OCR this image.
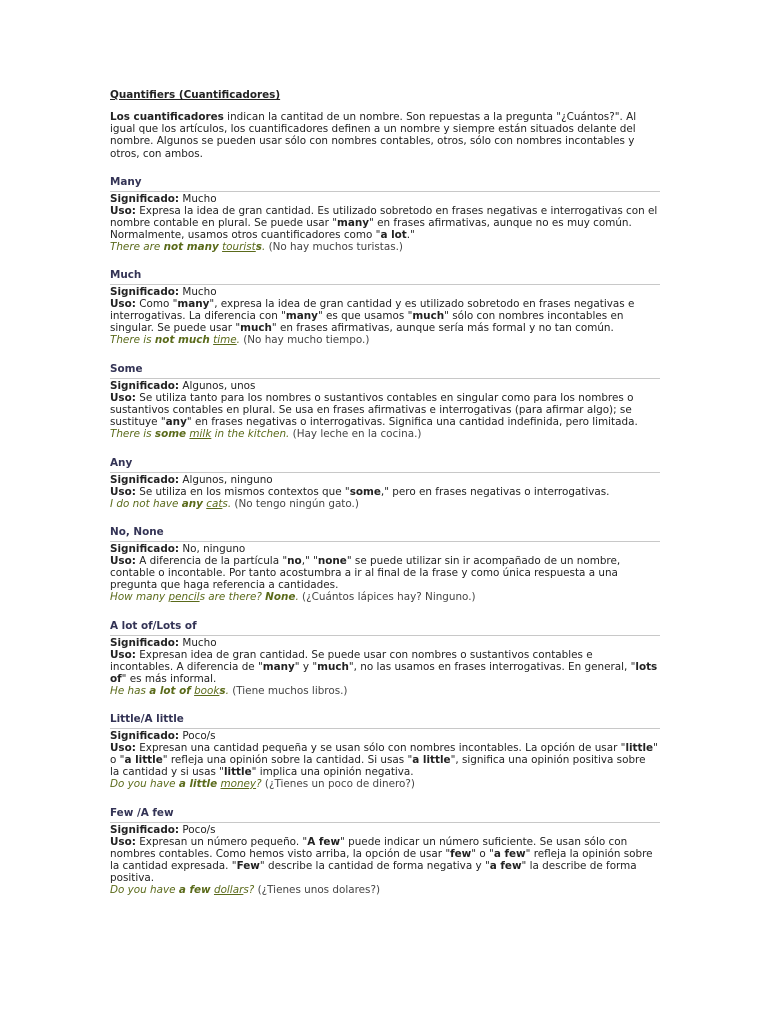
Quantifiers (Cuantificadores)

Los cuantificadores indican la cantitad de un nombre. Son repuestas a la pregunta "¿Cuántos?". Al igual que los artículos, los cuantificadores definen a un nombre y siempre están situados delante del nombre. Algunos se pueden usar sólo con nombres contables, otros, sólo con nombres incontables y otros, con ambos.

Many
Significado: Mucho
Uso: Expresa la idea de gran cantidad. Es utilizado sobretodo en frases negativas e interrogativas con el nombre contable en plural. Se puede usar "many" en frases afirmativas, aunque no es muy común. Normalmente, usamos otros cuantificadores como "a lot."
There are not many tourists. (No hay muchos turistas.)
Much
Significado: Mucho
Uso: Como "many", expresa la idea de gran cantidad y es utilizado sobretodo en frases negativas e interrogativas. La diferencia con "many" es que usamos "much" sólo con nombres incontables en singular. Se puede usar "much" en frases afirmativas, aunque sería más formal y no tan común.
There is not much time. (No hay mucho tiempo.)
Some
Significado: Algunos, unos
Uso: Se utiliza tanto para los nombres o sustantivos contables en singular como para los nombres o sustantivos contables en plural. Se usa en frases afirmativas e interrogativas (para afirmar algo); se sustituye "any" en frases negativas o interrogativas. Significa una cantidad indefinida, pero limitada.
There is some milk in the kitchen. (Hay leche en la cocina.)
Any
Significado: Algunos, ninguno
Uso: Se utiliza en los mismos contextos que "some," pero en frases negativas o interrogativas.
I do not have any cats. (No tengo ningún gato.)
No, None
Significado: No, ninguno
Uso: A diferencia de la partícula "no," "none" se puede utilizar sin ir acompañado de un nombre, contable o incontable. Por tanto acostumbra a ir al final de la frase y como única respuesta a una pregunta que haga referencia a cantidades.
How many pencils are there? None. (¿Cuántos lápices hay? Ninguno.)
A lot of/Lots of
Significado: Mucho
Uso: Expresan idea de gran cantidad. Se puede usar con nombres o sustantivos contables e incontables. A diferencia de "many" y "much", no las usamos en frases interrogativas. En general, "lots of" es más informal.
He has a lot of books. (Tiene muchos libros.)
Little/A little
Significado: Poco/s
Uso: Expresan una cantidad pequeña y se usan sólo con nombres incontables. La opción de usar "little" o "a little" refleja una opinión sobre la cantidad. Si usas "a little", significa una opinión positiva sobre la cantidad y si usas "little" implica una opinión negativa.
Do you have a little money? (¿Tienes un poco de dinero?)
Few /A few
Significado: Poco/s
Uso: Expresan un número pequeño. "A few" puede indicar un número suficiente. Se usan sólo con nombres contables. Como hemos visto arriba, la opción de usar "few" o "a few" refleja la opinión sobre la cantidad expresada. "Few" describe la cantidad de forma negativa y "a few" la describe de forma positiva.
Do you have a few dollars? (¿Tienes unos dolares?)
